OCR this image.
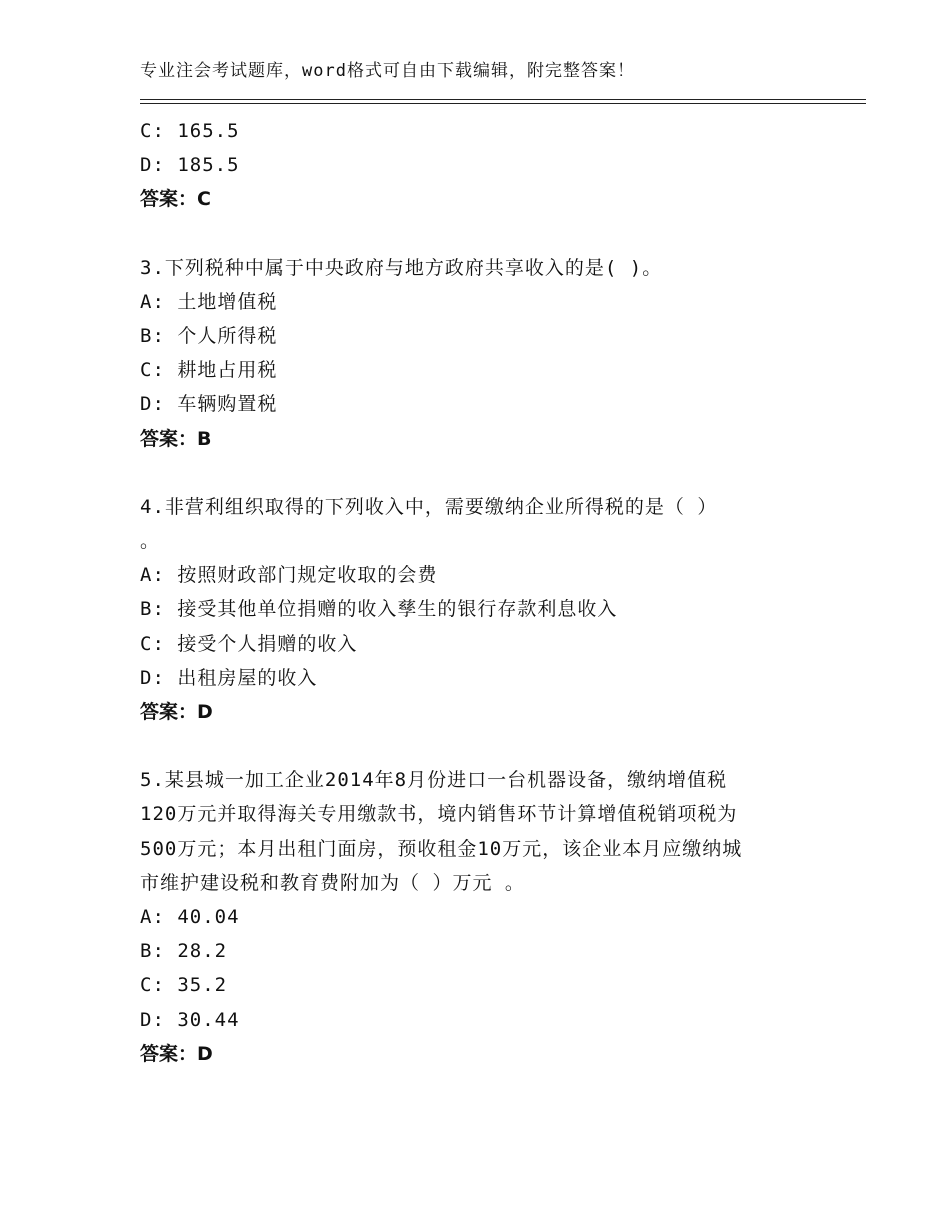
专业注会考试题库，word格式可自由下载编辑，附完整答案！
C: 165.5
D: 185.5
答案：C
3.下列税种中属于中央政府与地方政府共享收入的是( )。
A: 土地增值税
B: 个人所得税
C: 耕地占用税
D: 车辆购置税
答案：B
4.非营利组织取得的下列收入中，需要缴纳企业所得税的是（ ）
。
A: 按照财政部门规定收取的会费
B: 接受其他单位捐赠的收入孳生的银行存款利息收入
C: 接受个人捐赠的收入
D: 出租房屋的收入
答案：D
5.某县城一加工企业2014年8月份进口一台机器设备，缴纳增值税
120万元并取得海关专用缴款书，境内销售环节计算增值税销项税为
500万元；本月出租门面房，预收租金10万元，该企业本月应缴纳城
市维护建设税和教育费附加为（ ）万元 。
A: 40.04
B: 28.2
C: 35.2
D: 30.44
答案：D
